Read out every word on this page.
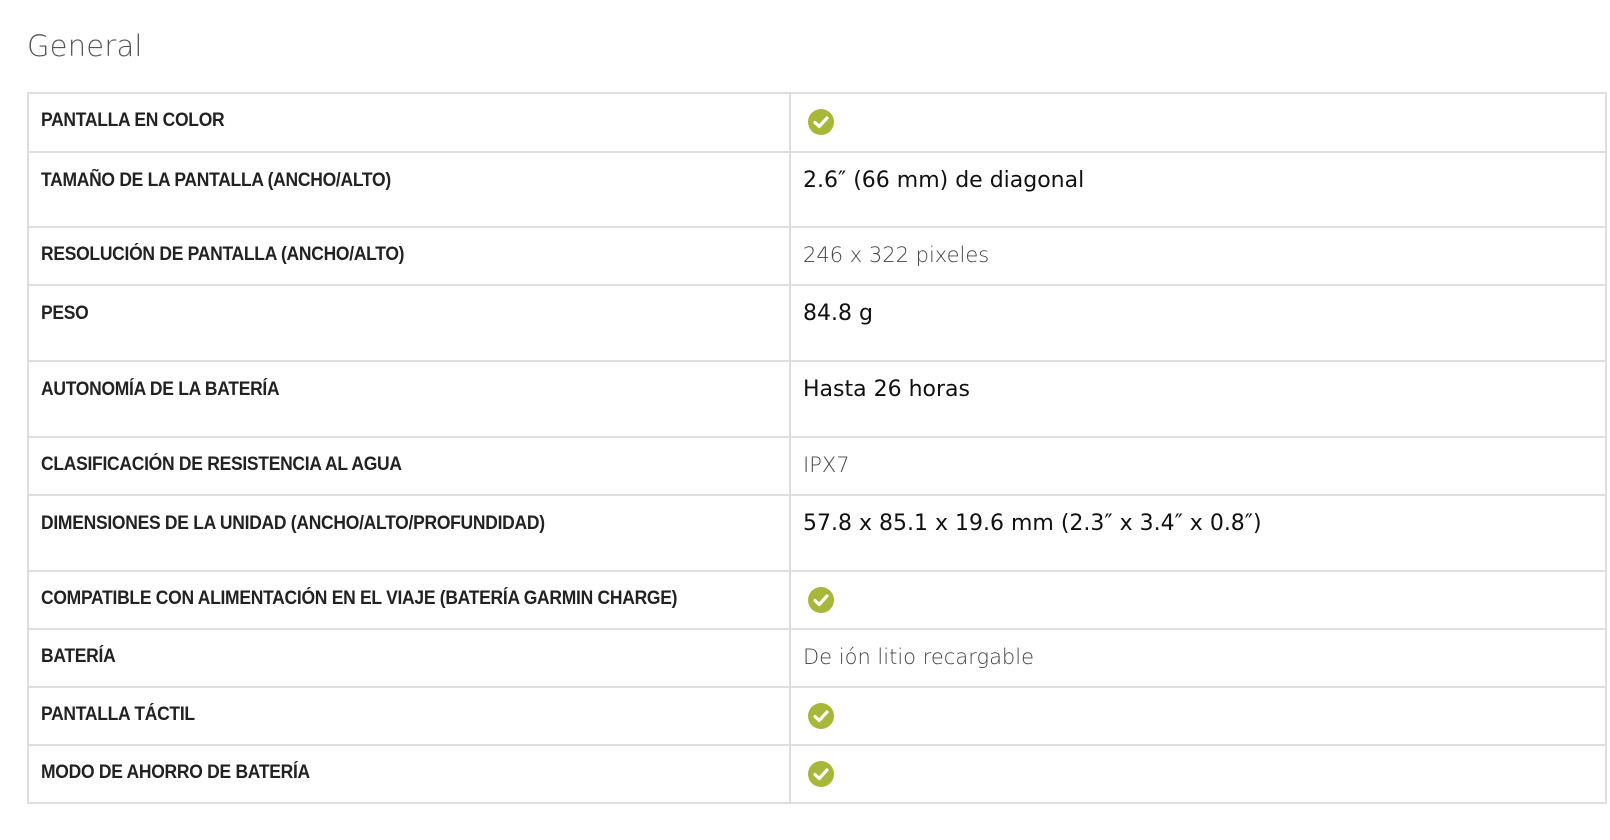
General
PANTALLA EN COLOR

TAMAÑO DE LA PANTALLA (ANCHO/ALTO)	2.6″ (66 mm) de diagonal

RESOLUCIÓN DE PANTALLA (ANCHO/ALTO)	246 x 322 pixeles

PESO	84.8 g

AUTONOMÍA DE LA BATERÍA	Hasta 26 horas

CLASIFICACIÓN DE RESISTENCIA AL AGUA	IPX7

DIMENSIONES DE LA UNIDAD (ANCHO/ALTO/PROFUNDIDAD)	57.8 x 85.1 x 19.6 mm (2.3″ x 3.4″ x 0.8″)

COMPATIBLE CON ALIMENTACIÓN EN EL VIAJE (BATERÍA GARMIN CHARGE)

BATERÍA	De ión litio recargable

PANTALLA TÁCTIL

MODO DE AHORRO DE BATERÍA
